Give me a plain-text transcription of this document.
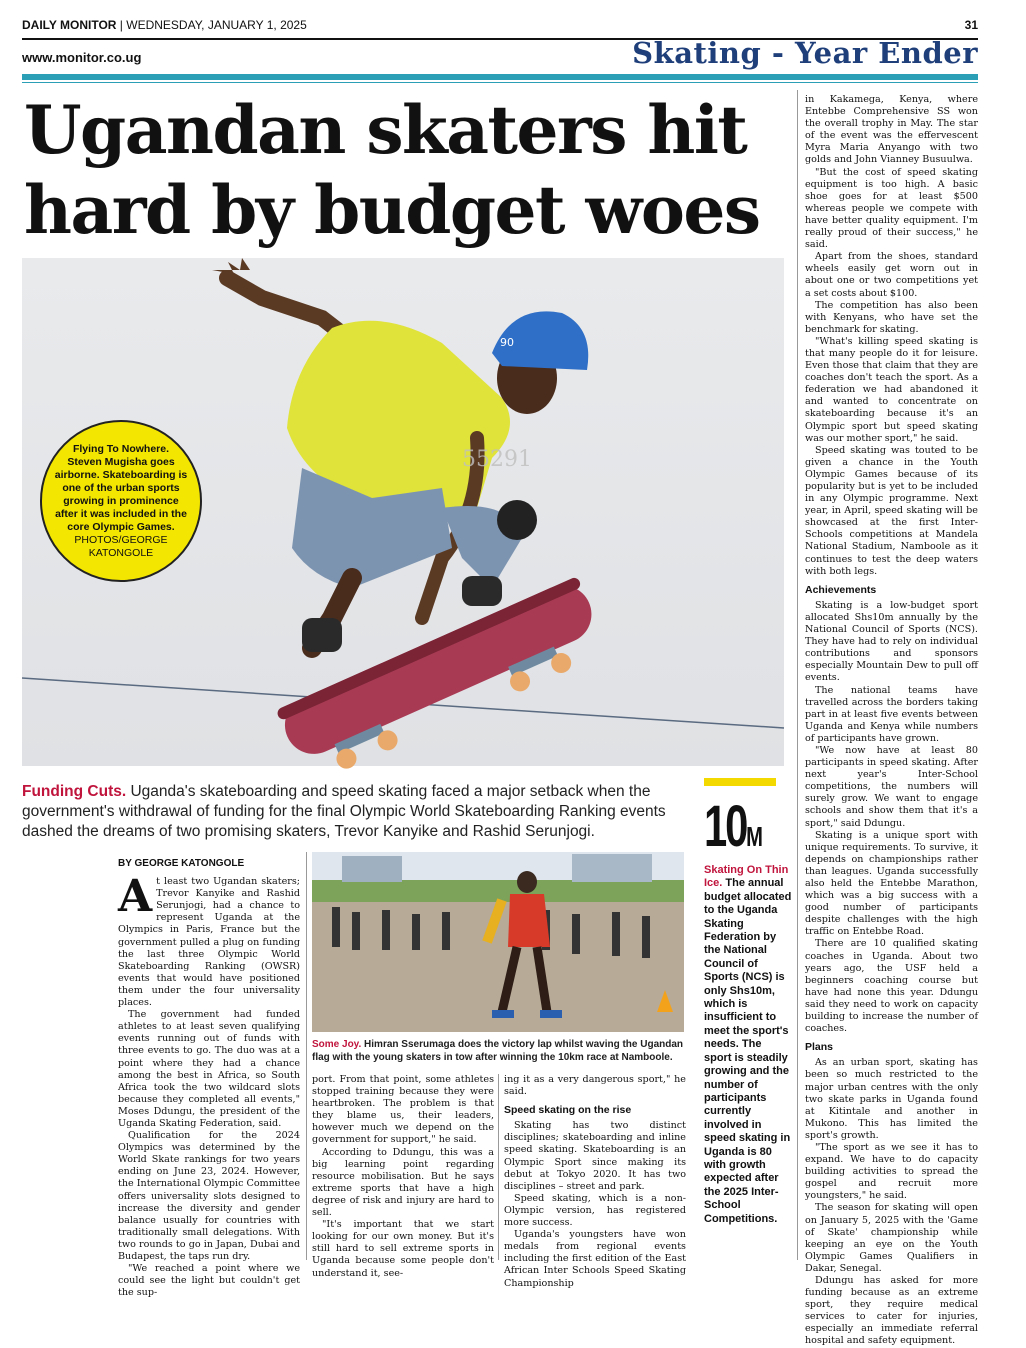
DAILY MONITOR | WEDNESDAY, JANUARY 1, 2025	31
www.monitor.co.ug	Skating - Year Ender
Ugandan skaters hit
hard by budget woes
90
55291
Flying To Nowhere.
Steven Mugisha goes airborne. Skateboarding is one of the urban sports growing in prominence after it was included in the core Olympic Games.
PHOTOS/GEORGE KATONGOLE
Funding Cuts. Uganda's skateboarding and speed skating faced a major setback when the government's withdrawal of funding for the final Olympic World Skateboarding Ranking events dashed the dreams of two promising skaters, Trevor Kanyike and Rashid Serunjogi.
BY GEORGE KATONGOLE

At least two Ugandan skaters; Trevor Kanyike and Rashid Serunjogi, had a chance to represent Uganda at the Olympics in Paris, France but the government pulled a plug on funding the last three Olympic World Skateboarding Ranking (OWSR) events that would have positioned them under the four universality places.

The government had funded athletes to at least seven qualifying events running out of funds with three events to go. The duo was at a point where they had a chance among the best in Africa, so South Africa took the two wildcard slots because they completed all events," Moses Ddungu, the president of the Uganda Skating Federation, said.

Qualification for the 2024 Olympics was determined by the World Skate rankings for two years ending on June 23, 2024. However, the International Olympic Committee offers universality slots designed to increase the diversity and gender balance usually for countries with traditionally small delegations. With two rounds to go in Japan, Dubai and Budapest, the taps run dry.

"We reached a point where we could see the light but couldn't get the sup-

Some Joy. Himran Sserumaga does the victory lap whilst waving the Ugandan flag with the young skaters in tow after winning the 10km race at Namboole.

port. From that point, some athletes stopped training because they were heartbroken. The problem is that they blame us, their leaders, however much we depend on the government for support," he said.

According to Ddungu, this was a big learning point regarding resource mobilisation. But he says extreme sports that have a high degree of risk and injury are hard to sell.

"It's important that we start looking for our own money. But it's still hard to sell extreme sports in Uganda because some people don't understand it, see-

ing it as a very dangerous sport," he said.

Speed skating on the rise

Skating has two distinct disciplines; skateboarding and inline speed skating. Skateboarding is an Olympic Sport since making its debut at Tokyo 2020. It has two disciplines – street and park.

Speed skating, which is a non-Olympic version, has registered more success.

Uganda's youngsters have won medals from regional events including the first edition of the East African Inter Schools Speed Skating Championship

10M
Skating On Thin Ice. The annual budget allocated to the Uganda Skating Federation by the National Council of Sports (NCS) is only Shs10m, which is insufficient to meet the sport's needs. The sport is steadily growing and the number of participants currently involved in speed skating in Uganda is 80 with growth expected after the 2025 Inter-School Competitions.

in Kakamega, Kenya, where Entebbe Comprehensive SS won the overall trophy in May. The star of the event was the effervescent Myra Maria Anyango with two golds and John Vianney Busuulwa.

"But the cost of speed skating equipment is too high. A basic shoe goes for at least $500 whereas people we compete with have better quality equipment. I'm really proud of their success," he said.

Apart from the shoes, standard wheels easily get worn out in about one or two competitions yet a set costs about $100.

The competition has also been with Kenyans, who have set the benchmark for skating.

"What's killing speed skating is that many people do it for leisure. Even those that claim that they are coaches don't teach the sport. As a federation we had abandoned it and wanted to concentrate on skateboarding because it's an Olympic sport but speed skating was our mother sport," he said.

Speed skating was touted to be given a chance in the Youth Olympic Games because of its popularity but is yet to be included in any Olympic programme. Next year, in April, speed skating will be showcased at the first Inter-Schools competitions at Mandela National Stadium, Namboole as it continues to test the deep waters with both legs.

Achievements

Skating is a low-budget sport allocated Shs10m annually by the National Council of Sports (NCS). They have had to rely on individual contributions and sponsors especially Mountain Dew to pull off events.

The national teams have travelled across the borders taking part in at least five events between Uganda and Kenya while numbers of participants have grown.

"We now have at least 80 participants in speed skating. After next year's Inter-School competitions, the numbers will surely grow. We want to engage schools and show them that it's a sport," said Ddungu.

Skating is a unique sport with unique requirements. To survive, it depends on championships rather than leagues. Uganda successfully also held the Entebbe Marathon, which was a big success with a good number of participants despite challenges with the high traffic on Entebbe Road.

There are 10 qualified skating coaches in Uganda. About two years ago, the USF held a beginners coaching course but have had none this year. Ddungu said they need to work on capacity building to increase the number of coaches.

Plans

As an urban sport, skating has been so much restricted to the major urban centres with the only two skate parks in Uganda found at Kitintale and another in Mukono. This has limited the sport's growth.

"The sport as we see it has to expand. We have to do capacity building activities to spread the gospel and recruit more youngsters," he said.

The season for skating will open on January 5, 2025 with the 'Game of Skate' championship while keeping an eye on the Youth Olympic Games Qualifiers in Dakar, Senegal.

Ddungu has asked for more funding because as an extreme sport, they require medical services to cater for injuries, especially an immediate referral hospital and safety equipment.
